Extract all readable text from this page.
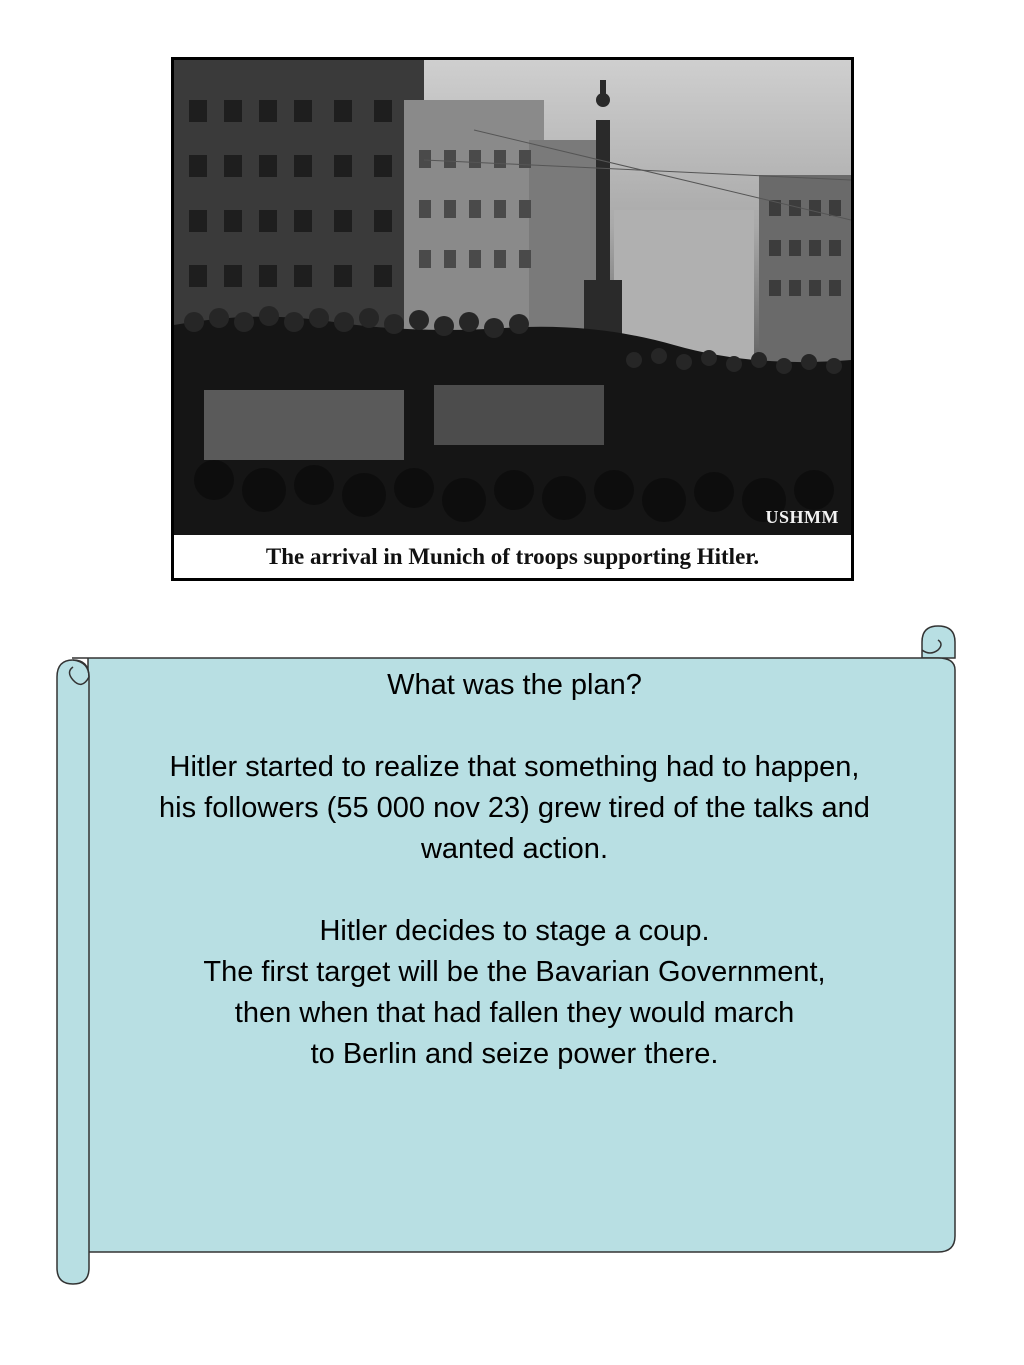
USHMM
The arrival in Munich of troops supporting Hitler.

What was the plan?

Hitler started to realize that something had to happen,

his followers (55 000 nov 23) grew tired of the talks and

wanted action.

Hitler decides to stage a coup.

The first target will be the Bavarian Government,

then when that had fallen they would march

to Berlin and seize power there.
